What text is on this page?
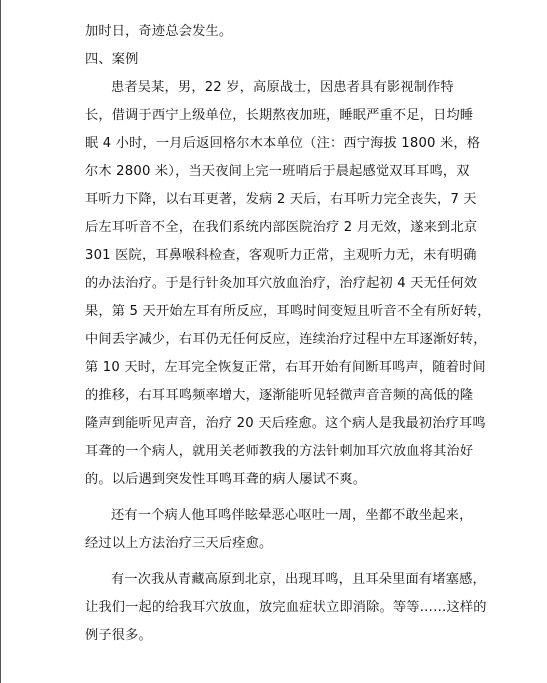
加时日，奇迹总会发生。
四、案例
患者吴某，男，22 岁，高原战士，因患者具有影视制作特
长，借调于西宁上级单位，长期熬夜加班，睡眠严重不足，日均睡
眠 4 小时，一月后返回格尔木本单位（注：西宁海拔 1800 米，格
尔木 2800 米），当天夜间上完一班哨后于晨起感觉双耳耳鸣，双
耳听力下降，以右耳更著，发病 2 天后，右耳听力完全丧失，7 天
后左耳听音不全，在我们系统内部医院治疗 2 月无效，遂来到北京
301 医院，耳鼻喉科检查，客观听力正常，主观听力无，未有明确
的办法治疗。于是行针灸加耳穴放血治疗，治疗起初 4 天无任何效
果，第 5 天开始左耳有所反应，耳鸣时间变短且听音不全有所好转，
中间丢字减少，右耳仍无任何反应，连续治疗过程中左耳逐渐好转，
第 10 天时，左耳完全恢复正常，右耳开始有间断耳鸣声，随着时间
的推移，右耳耳鸣频率增大，逐渐能听见轻微声音音频的高低的隆
隆声到能听见声音，治疗 20 天后痊愈。这个病人是我最初治疗耳鸣
耳聋的一个病人，就用关老师教我的方法针刺加耳穴放血将其治好
的。以后遇到突发性耳鸣耳聋的病人屡试不爽。
还有一个病人他耳鸣伴眩晕恶心呕吐一周，坐都不敢坐起来，
经过以上方法治疗三天后痊愈。
有一次我从青藏高原到北京，出现耳鸣，且耳朵里面有堵塞感，
让我们一起的给我耳穴放血，放完血症状立即消除。等等……这样的
例子很多。
